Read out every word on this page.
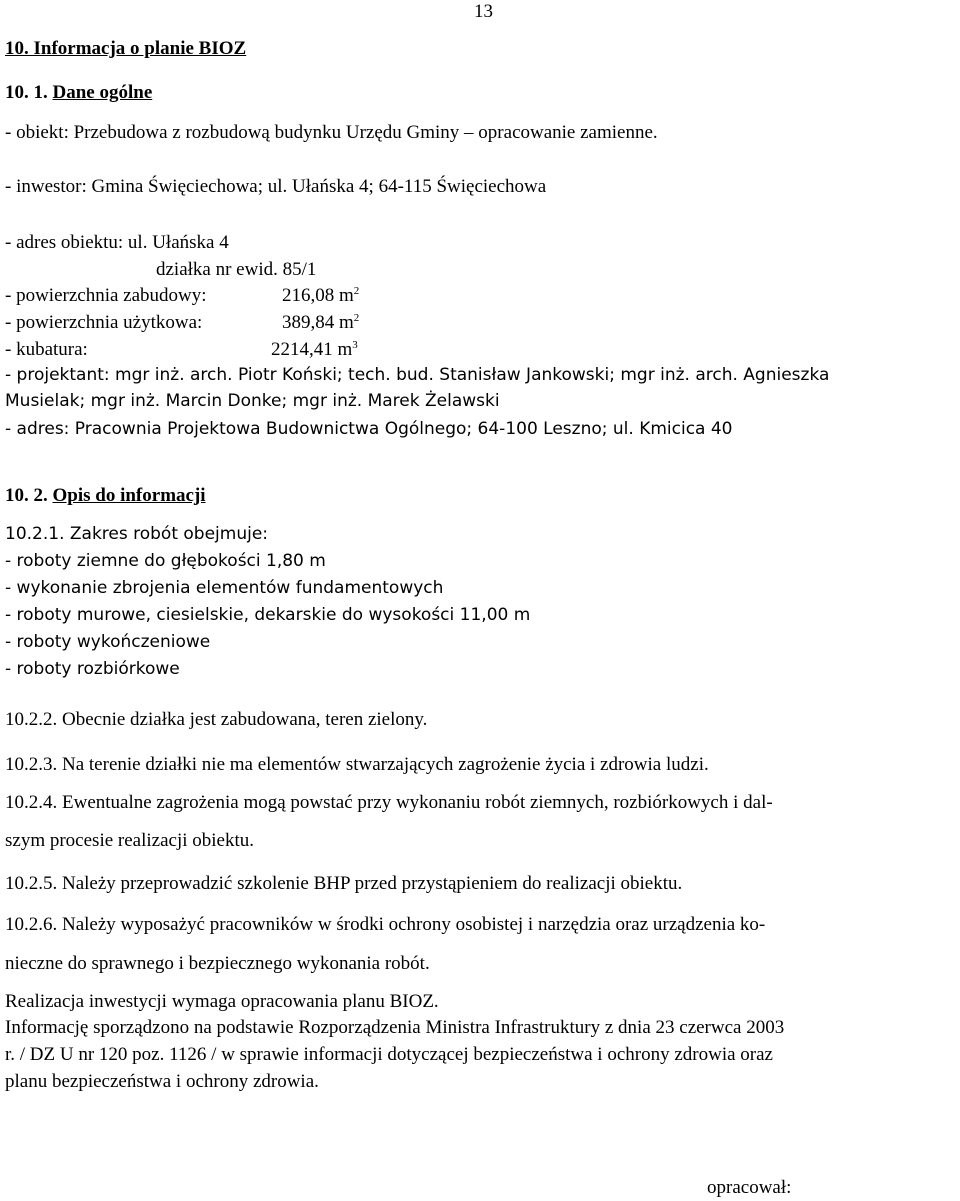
13
10. Informacja o planie BIOZ
10. 1. Dane ogólne
- obiekt: Przebudowa z rozbudową budynku Urzędu Gminy – opracowanie zamienne.
- inwestor: Gmina Święciechowa; ul. Ułańska 4; 64-115 Święciechowa
- adres obiektu: ul. Ułańska 4
działka nr ewid. 85/1
- powierzchnia zabudowy:	216,08 $m^2$
- powierzchnia użytkowa:	389,84 $m^2$
- kubatura:	2214,41 $m^3$
- projektant: mgr inż. arch. Piotr Koński; tech. bud. Stanisław Jankowski; mgr inż. arch. Agnieszka
Musielak; mgr inż. Marcin Donke; mgr inż. Marek Żelawski
- adres: Pracownia Projektowa Budownictwa Ogólnego; 64-100 Leszno; ul. Kmicica 40
10. 2. Opis do informacji
10.2.1. Zakres robót obejmuje:
- roboty ziemne do głębokości 1,80 m
- wykonanie zbrojenia elementów fundamentowych
- roboty murowe, ciesielskie, dekarskie do wysokości 11,00 m
- roboty wykończeniowe
- roboty rozbiórkowe
10.2.2. Obecnie działka jest zabudowana, teren zielony.
10.2.3. Na terenie działki nie ma elementów stwarzających zagrożenie życia i zdrowia ludzi.
10.2.4. Ewentualne zagrożenia mogą powstać przy wykonaniu robót ziemnych, rozbiórkowych i dal-
szym procesie realizacji obiektu.
10.2.5. Należy przeprowadzić szkolenie BHP przed przystąpieniem do realizacji obiektu.
10.2.6. Należy wyposażyć pracowników w środki ochrony osobistej i narzędzia oraz urządzenia ko-
nieczne do sprawnego i bezpiecznego wykonania robót.
Realizacja inwestycji wymaga opracowania planu BIOZ.
Informację sporządzono na podstawie Rozporządzenia Ministra Infrastruktury z dnia 23 czerwca 2003
r. / DZ U nr 120 poz. 1126 / w sprawie informacji dotyczącej bezpieczeństwa i ochrony zdrowia oraz
planu bezpieczeństwa i ochrony zdrowia.
opracował:
